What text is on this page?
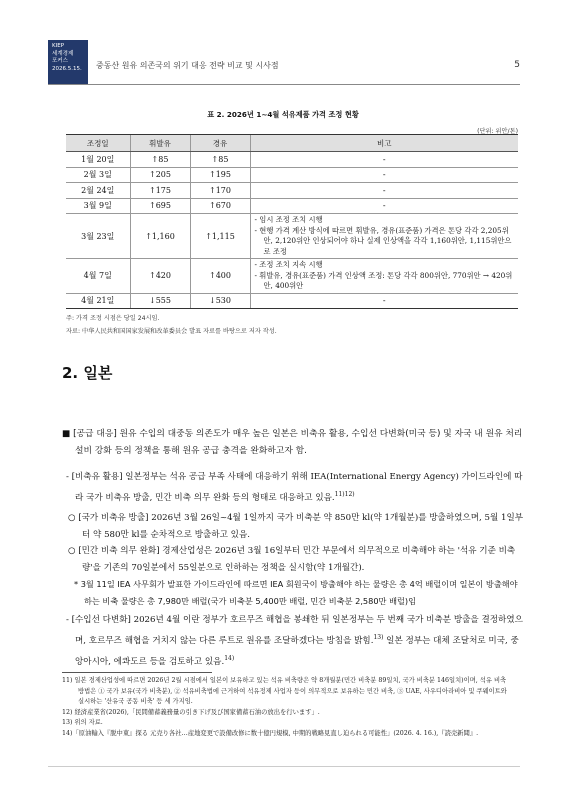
KIEP
세계경제
포커스
2026.5.15.	중동산 원유 의존국의 위기 대응 전략 비교 및 시사점	5
표 2. 2026년 1~4월 석유제품 가격 조정 현황
(단위: 위안/톤)
조정일	휘발유	경유	비고
1월 20일	↑85	↑85	-
2월 3일	↑205	↑195	-
2월 24일	↑175	↑170	-
3월 9일	↑695	↑670	-
3월 23일	↑1,160	↑1,115	- 임시 조정 조치 시행
- 현행 가격 계산 방식에 따르면 휘발유, 경유(표준품) 가격은 톤당 각각 2,205위안, 2,120위안 인상되어야 하나 실제 인상액을 각각 1,160위안, 1,115위안으로 조정

4월 7일	↑420	↑400	- 조정 조치 지속 시행
- 휘발유, 경유(표준품) 가격 인상액 조정: 톤당 각각 800위안, 770위안 → 420위안, 400위안

4월 21일	↓555	↓530	-
주: 가격 조정 시점은 당일 24시임.
자료: 中华人民共和国国家发展和改革委员会 발표 자료를 바탕으로 저자 작성.
2. 일본
■ [공급 대응] 원유 수입의 대중동 의존도가 매우 높은 일본은 비축유 활용, 수입선 다변화(미국 등) 및 자국 내 원유 처리 설비 강화 등의 정책을 통해 원유 공급 충격을 완화하고자 함.
- [비축유 활용] 일본정부는 석유 공급 부족 사태에 대응하기 위해 IEA(International Energy Agency) 가이드라인에 따라 국가 비축유 방출, 민간 비축 의무 완화 등의 형태로 대응하고 있음.$^{11)12)}$
○ [국가 비축유 방출] 2026년 3월 26일~4월 1일까지 국가 비축분 약 850만 kl(약 1개월분)를 방출하였으며, 5월 1일부터 약 580만 kl를 순차적으로 방출하고 있음.
○ [민간 비축 의무 완화] 경제산업성은 2026년 3월 16일부터 민간 부문에서 의무적으로 비축해야 하는 '석유 기준 비축량'을 기존의 70일분에서 55일분으로 인하하는 정책을 실시함(약 1개월간).
* 3월 11일 IEA 사무회가 발표한 가이드라인에 따르면 IEA 회원국이 방출해야 하는 물량은 총 4억 배럴이며 일본이 방출해야 하는 비축 물량은 총 7,980만 배럴(국가 비축분 5,400만 배럴, 민간 비축분 2,580만 배럴)임
- [수입선 다변화] 2026년 4월 이란 정부가 호르무즈 해협을 봉쇄한 뒤 일본정부는 두 번째 국가 비축분 방출을 결정하였으며, 호르무즈 해협을 거치지 않는 다른 루트로 원유를 조달하겠다는 방침을 밝힘.$^{13)}$ 일본 정부는 대체 조달처로 미국, 중앙아시아, 에콰도르 등을 검토하고 있음.$^{14)}$
11) 일본 경제산업성에 따르면 2026년 2월 시점에서 일본이 보유하고 있는 석유 비축량은 약 8개월분(민간 비축분 89일치, 국가 비축분 146일치)이며, 석유 비축 방법은 ① 국가 보유(국가 비축분), ② 석유비축법에 근거하여 석유정제 사업자 등이 의무적으로 보유하는 민간 비축, ③ UAE, 사우디아라비아 및 쿠웨이트와 실시하는 '산유국 공동 비축' 등 세 가지임.
12) 経済産業省(2026),「民間備蓄義務量の引き下げ及び国家備蓄石油の放出を行います」.
13) 위의 자료.
14)「原油輸入『脱中東』探る 元売り各社…産地変更で設備改修に数十億円規模, 中期的戦略見直し迫られる可能性」(2026. 4. 16.),『読売新聞』.
